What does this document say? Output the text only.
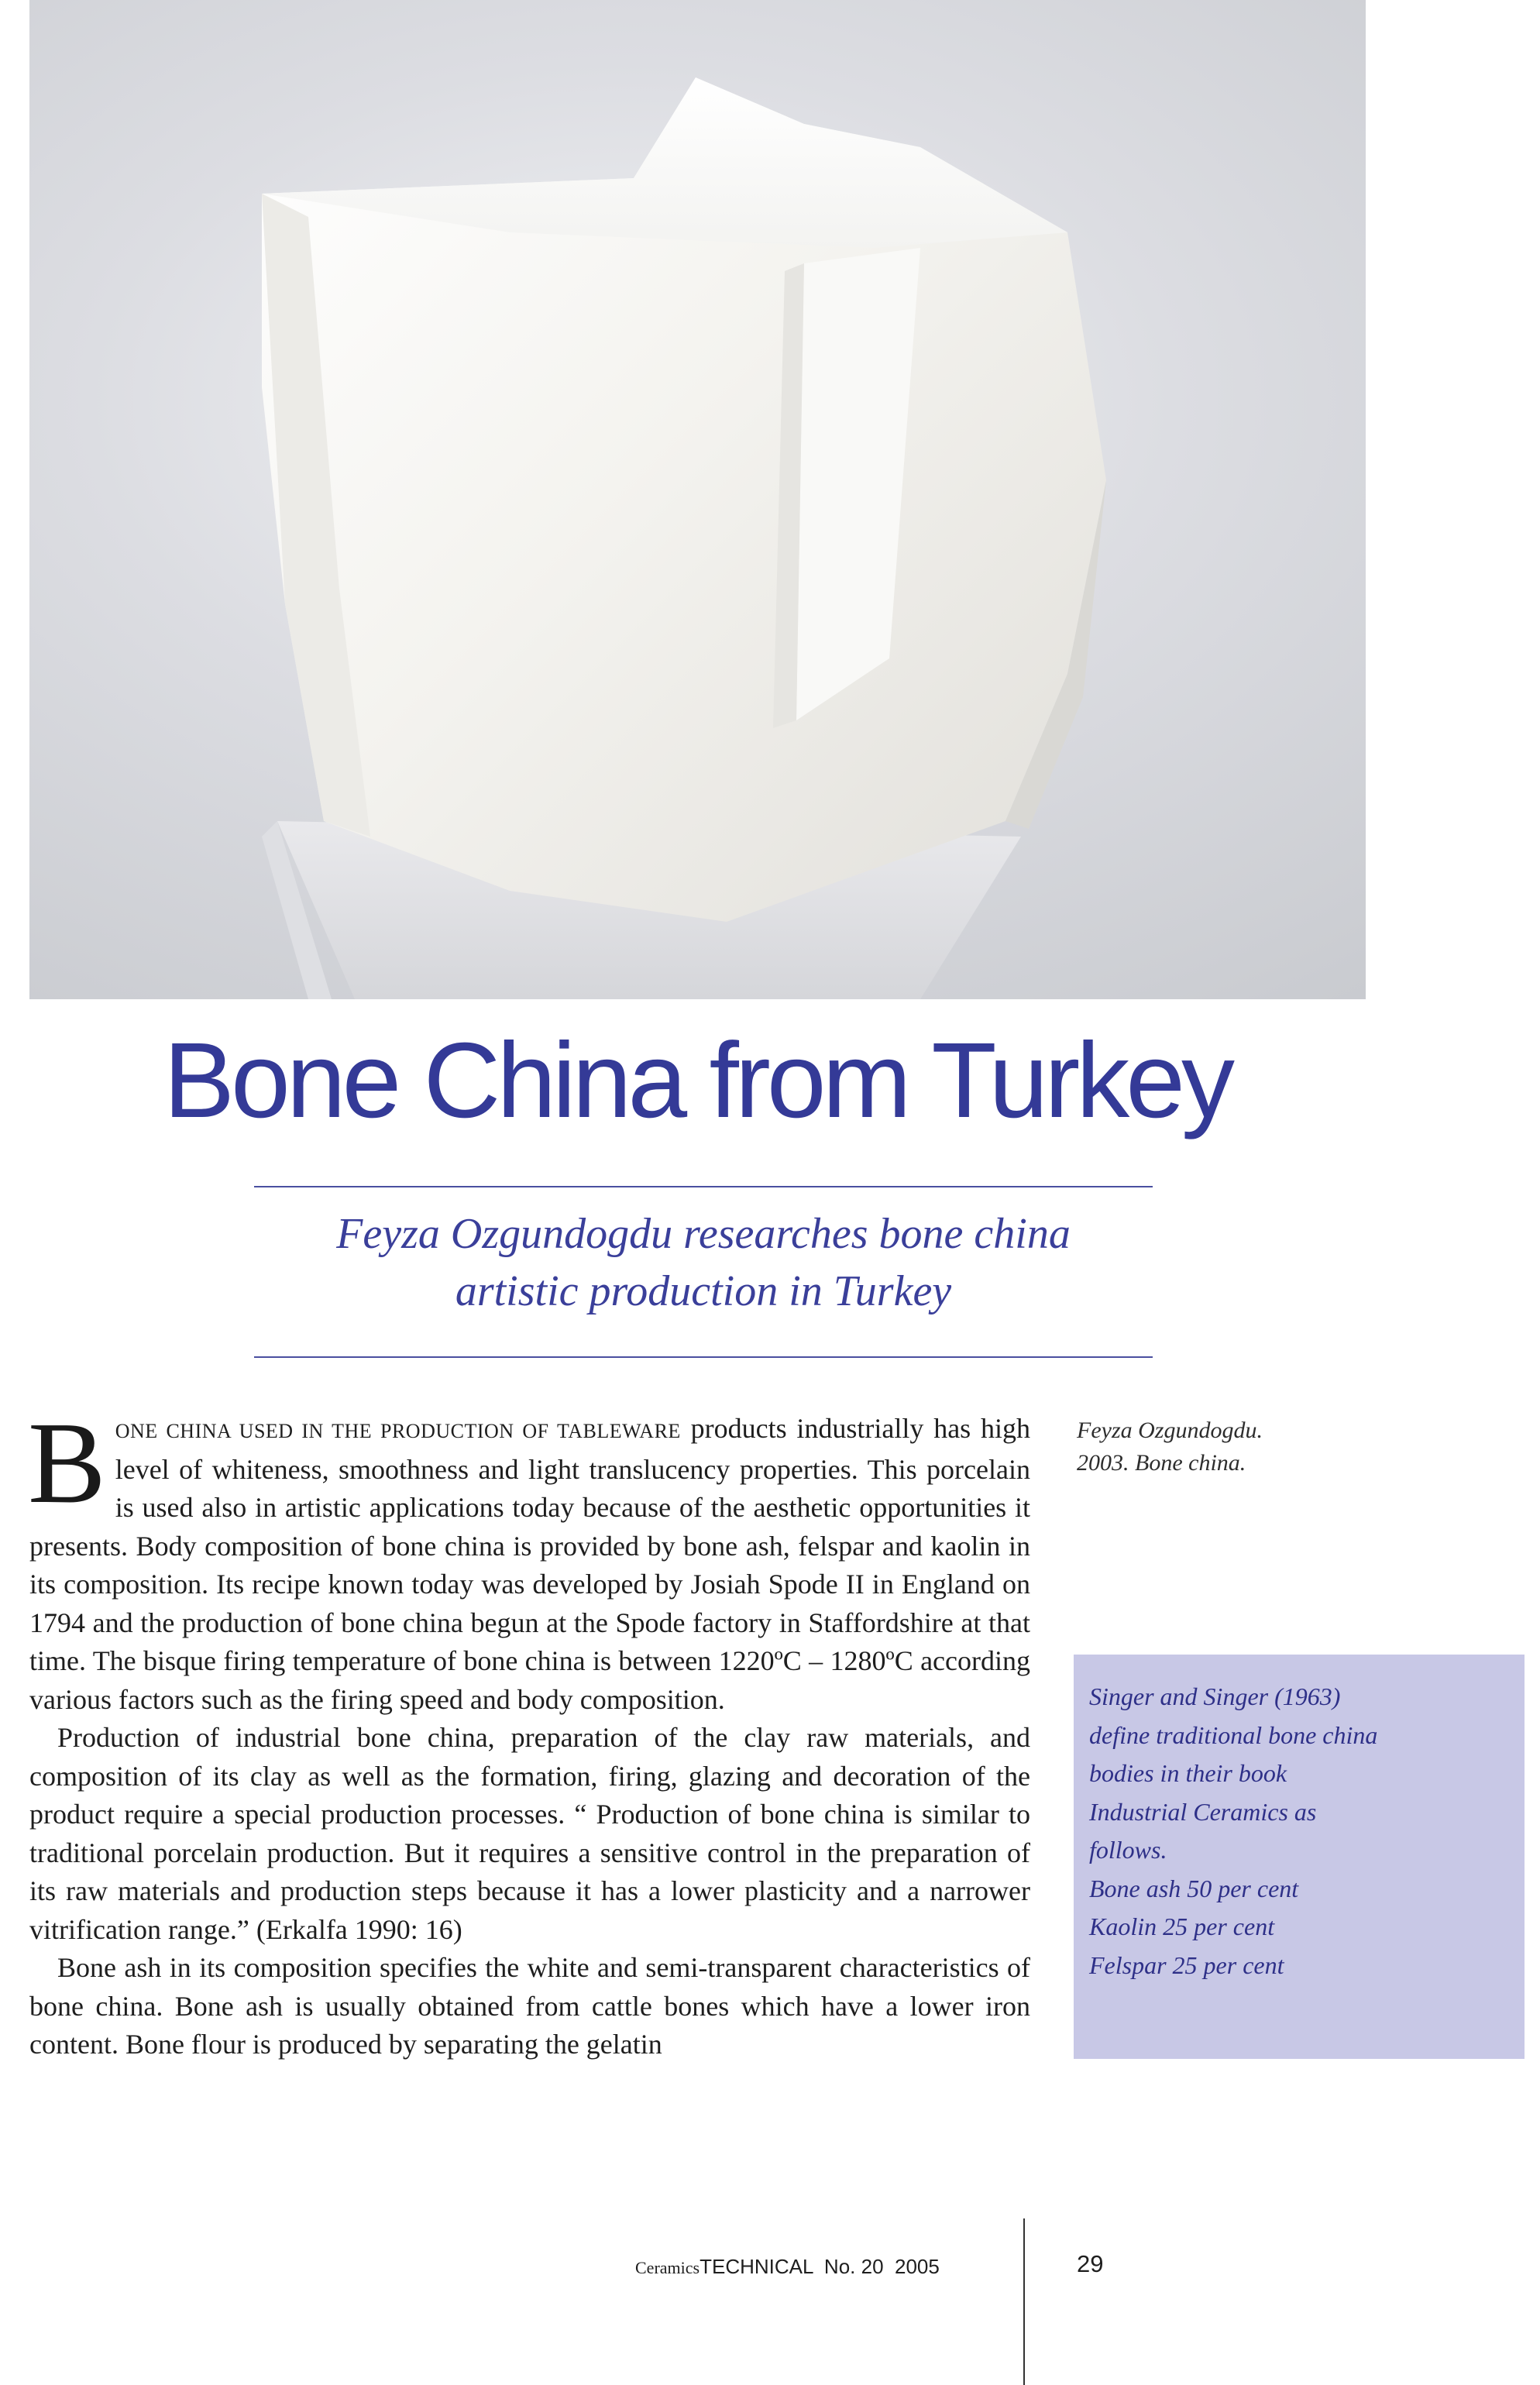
Bone China from Turkey
Feyza Ozgundogdu researches bone china
artistic production in Turkey

BONE CHINA USED IN THE PRODUCTION OF TABLEWARE products industrially has high level of whiteness, smoothness and light translucency properties. This porcelain is used also in artistic applications today because of the aesthetic opportunities it presents. Body composition of bone china is provided by bone ash, felspar and kaolin in its composition. Its recipe known today was developed by Josiah Spode II in England on 1794 and the production of bone china begun at the Spode factory in Staffordshire at that time. The bisque firing temperature of bone china is between 1220ºC – 1280ºC according various factors such as the firing speed and body composition.

Production of industrial bone china, preparation of the clay raw materials, and composition of its clay as well as the formation, firing, glazing and decoration of the product require a special production processes. “ Production of bone china is similar to traditional porcelain production. But it requires a sensitive control in the preparation of its raw materials and production steps because it has a lower plasticity and a narrower vitrification range.” (Erkalfa 1990: 16)

Bone ash in its composition specifies the white and semi-transparent characteristics of bone china. Bone ash is usually obtained from cattle bones which have a lower iron content. Bone flour is produced by separating the gelatin

Feyza Ozgundogdu.
2003. Bone china.
Singer and Singer (1963)
define traditional bone china
bodies in their book
Industrial Ceramics as
follows.
Bone ash 50 per cent
Kaolin 25 per cent
Felspar 25 per cent
CeramicsTECHNICAL  No. 20  2005	29
